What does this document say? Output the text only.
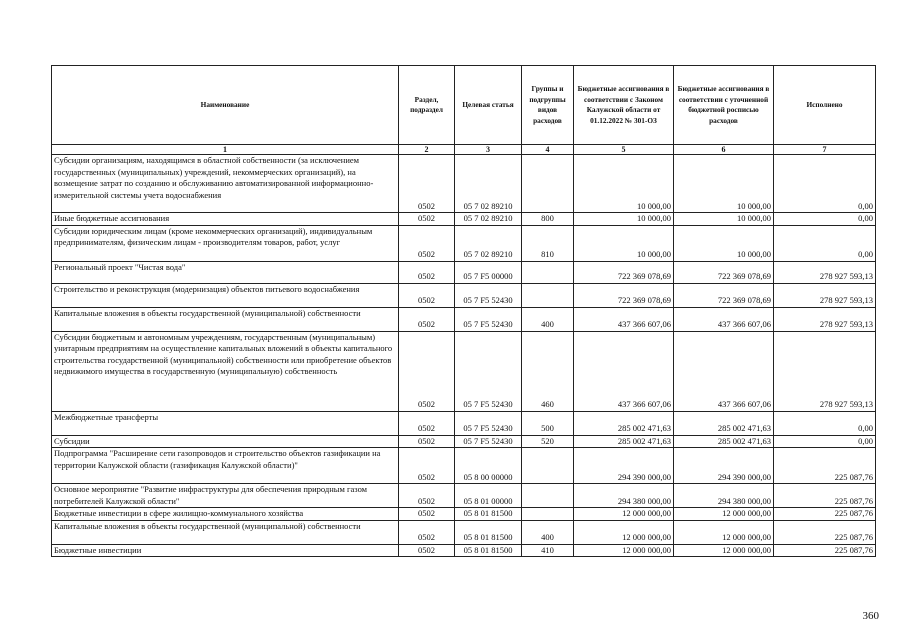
Наименование	Раздел, подраздел	Целевая статья	Группы и подгруппы видов расходов	Бюджетные ассигнования в соответствии с Законом Калужской области от 01.12.2022 № 301-ОЗ	Бюджетные ассигнования в соответствии с уточненной бюджетной росписью расходов	Исполнено
1	2	3	4	5	6	7
Субсидии организациям, находящимся в областной собственности (за исключением государственных (муниципальных) учреждений, некоммерческих организаций), на возмещение затрат по созданию и обслуживанию автоматизированной информационно-измерительной системы учета водоснабжения	0502	05 7 02 89210		10 000,00	10 000,00	0,00
Иные бюджетные ассигнования	0502	05 7 02 89210	800	10 000,00	10 000,00	0,00
Субсидии юридическим лицам (кроме некоммерческих организаций), индивидуальным предпринимателям, физическим лицам - производителям товаров, работ, услуг	0502	05 7 02 89210	810	10 000,00	10 000,00	0,00
Региональный проект "Чистая вода"	0502	05 7 F5 00000		722 369 078,69	722 369 078,69	278 927 593,13
Строительство и реконструкция (модернизация) объектов питьевого водоснабжения	0502	05 7 F5 52430		722 369 078,69	722 369 078,69	278 927 593,13
Капитальные вложения в объекты государственной (муниципальной) собственности	0502	05 7 F5 52430	400	437 366 607,06	437 366 607,06	278 927 593,13
Субсидии бюджетным и автономным учреждениям, государственным (муниципальным) унитарным предприятиям на осуществление капитальных вложений в объекты капитального строительства государственной (муниципальной) собственности или приобретение объектов недвижимого имущества в государственную (муниципальную) собственность	0502	05 7 F5 52430	460	437 366 607,06	437 366 607,06	278 927 593,13
Межбюджетные трансферты	0502	05 7 F5 52430	500	285 002 471,63	285 002 471,63	0,00
Субсидии	0502	05 7 F5 52430	520	285 002 471,63	285 002 471,63	0,00
Подпрограмма "Расширение сети газопроводов и строительство объектов газификации на территории Калужской области (газификация Калужской области)"	0502	05 8 00 00000		294 390 000,00	294 390 000,00	225 087,76
Основное мероприятие "Развитие инфраструктуры для обеспечения природным газом потребителей Калужской области"	0502	05 8 01 00000		294 380 000,00	294 380 000,00	225 087,76
Бюджетные инвестиции в сфере жилищно-коммунального хозяйства	0502	05 8 01 81500		12 000 000,00	12 000 000,00	225 087,76
Капитальные вложения в объекты государственной (муниципальной) собственности	0502	05 8 01 81500	400	12 000 000,00	12 000 000,00	225 087,76
Бюджетные инвестиции	0502	05 8 01 81500	410	12 000 000,00	12 000 000,00	225 087,76
360
